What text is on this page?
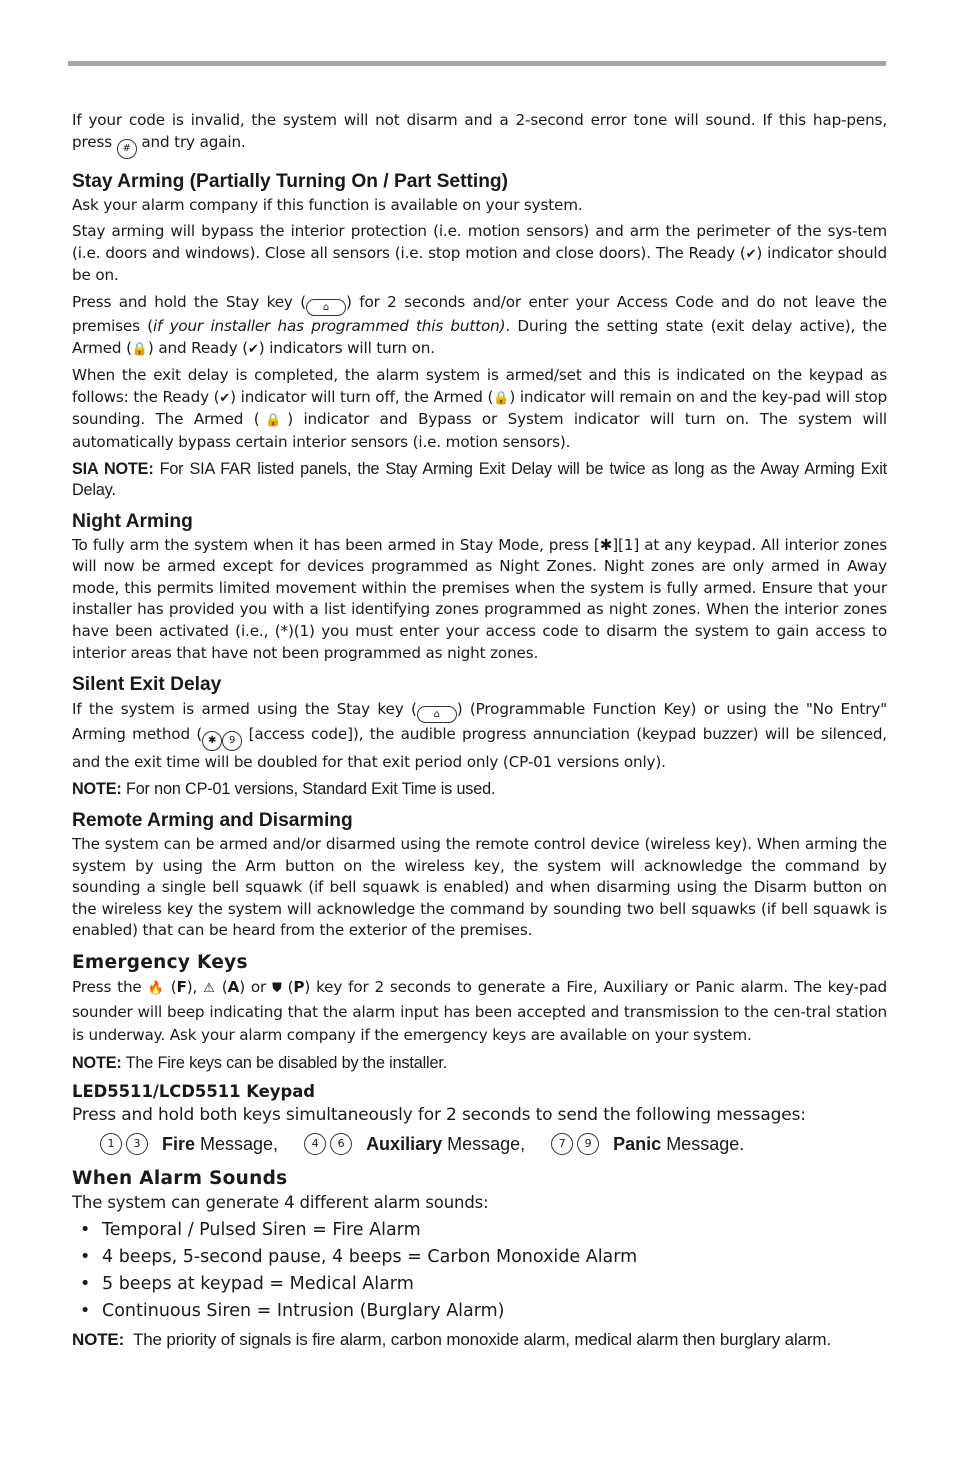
If your code is invalid, the system will not disarm and a 2-second error tone will sound. If this hap-pens, press # and try again.

Stay Arming (Partially Turning On / Part Setting)

Ask your alarm company if this function is available on your system.

Stay arming will bypass the interior protection (i.e. motion sensors) and arm the perimeter of the sys-tem (i.e. doors and windows). Close all sensors (i.e. stop motion and close doors). The Ready (✔) indicator should be on.

Press and hold the Stay key ( ⌂ ) for 2 seconds and/or enter your Access Code and do not leave the premises (if your installer has programmed this button). During the setting state (exit delay active), the Armed (🔒) and Ready (✔) indicators will turn on.

When the exit delay is completed, the alarm system is armed/set and this is indicated on the keypad as follows: the Ready (✔) indicator will turn off, the Armed (🔒) indicator will remain on and the key-pad will stop sounding. The Armed (🔒) indicator and Bypass or System indicator will turn on. The system will automatically bypass certain interior sensors (i.e. motion sensors).

SIA NOTE: For SIA FAR listed panels, the Stay Arming Exit Delay will be twice as long as the Away Arming Exit Delay.

Night Arming

To fully arm the system when it has been armed in Stay Mode, press [✱][1] at any keypad. All interior zones will now be armed except for devices programmed as Night Zones. Night zones are only armed in Away mode, this permits limited movement within the premises when the system is fully armed. Ensure that your installer has provided you with a list identifying zones programmed as night zones. When the interior zones have been activated (i.e., (*)(1) you must enter your access code to disarm the system to gain access to interior areas that have not been programmed as night zones.

Silent Exit Delay

If the system is armed using the Stay key ( ⌂ ) (Programmable Function Key) or using the "No Entry" Arming method ( ✱ 9 [access code]), the audible progress annunciation (keypad buzzer) will be silenced, and the exit time will be doubled for that exit period only (CP-01 versions only).

NOTE: For non CP-01 versions, Standard Exit Time is used.

Remote Arming and Disarming

The system can be armed and/or disarmed using the remote control device (wireless key). When arming the system by using the Arm button on the wireless key, the system will acknowledge the command by sounding a single bell squawk (if bell squawk is enabled) and when disarming using the Disarm button on the wireless key the system will acknowledge the command by sounding two bell squawks (if bell squawk is enabled) that can be heard from the exterior of the premises.

Emergency Keys

Press the 🔥 (F), ⚠ (A) or ⛊ (P) key for 2 seconds to generate a Fire, Auxiliary or Panic alarm. The key-pad sounder will beep indicating that the alarm input has been accepted and transmission to the cen-tral station is underway. Ask your alarm company if the emergency keys are available on your system.

NOTE: The Fire keys can be disabled by the installer.

LED5511/LCD5511 Keypad

Press and hold both keys simultaneously for 2 seconds to send the following messages:

1	3	Fire Message,	4	6	Auxiliary Message,	7	9	Panic Message.
When Alarm Sounds

The system can generate 4 different alarm sounds:

• Temporal / Pulsed Siren = Fire Alarm
• 4 beeps, 5-second pause, 4 beeps = Carbon Monoxide Alarm
• 5 beeps at keypad = Medical Alarm
• Continuous Siren = Intrusion (Burglary Alarm)

NOTE: The priority of signals is fire alarm, carbon monoxide alarm, medical alarm then burglary alarm.
